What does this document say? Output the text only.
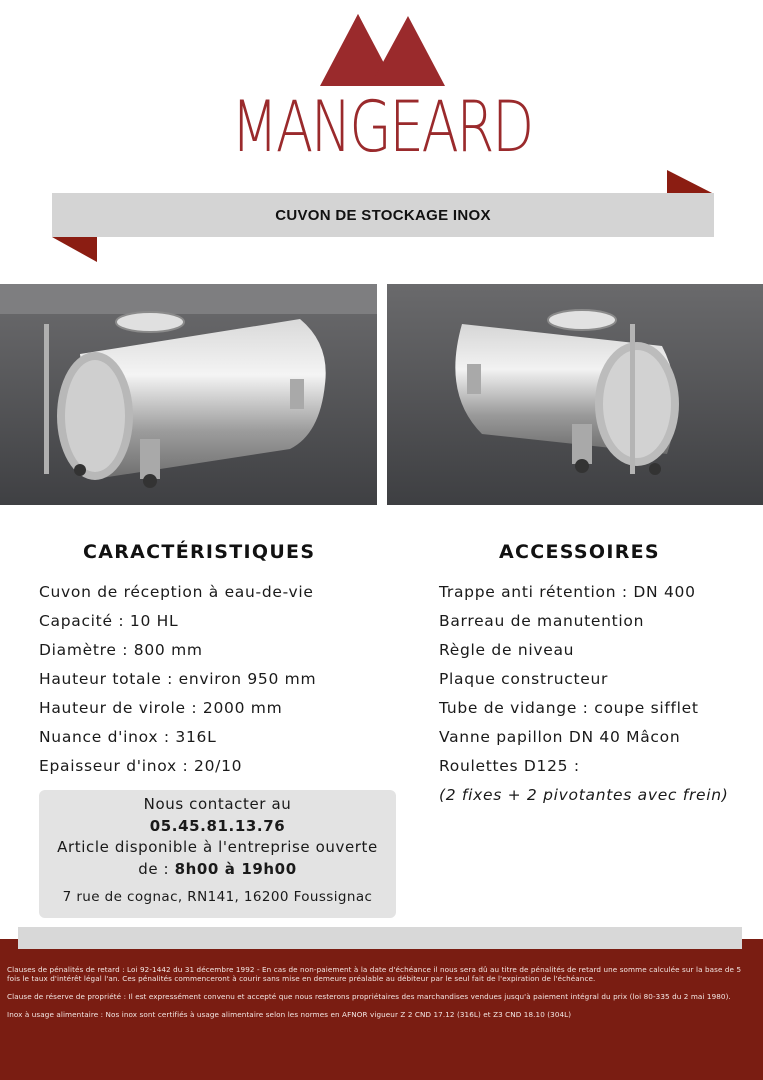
MANGEARD
CUVON DE STOCKAGE INOX
CARACTÉRISTIQUES
Cuvon de réception à eau-de-vie
Capacité : 10 HL
Diamètre : 800 mm
Hauteur totale : environ 950 mm
Hauteur de virole : 2000 mm
Nuance d'inox : 316L
Epaisseur d'inox : 20/10
ACCESSOIRES
Trappe anti rétention : DN 400
Barreau de manutention
Règle de niveau
Plaque constructeur
Tube de vidange : coupe sifflet
Vanne papillon DN 40 Mâcon
Roulettes D125 :
(2 fixes + 2 pivotantes avec frein)
Nous contacter au
05.45.81.13.76
Article disponible à l'entreprise ouverte
de : 8h00 à 19h00
7 rue de cognac, RN141, 16200 Foussignac

Clauses de pénalités de retard : Loi 92-1442 du 31 décembre 1992 - En cas de non-paiement à la date d'échéance il nous sera dû au titre de pénalités de retard une somme calculée sur la base de 5 fois le taux d'intérêt légal l'an. Ces pénalités commenceront à courir sans mise en demeure préalable au débiteur par le seul fait de l'expiration de l'échéance.

Clause de réserve de propriété : Il est expressément convenu et accepté que nous resterons propriétaires des marchandises vendues jusqu'à paiement intégral du prix (loi 80-335 du 2 mai 1980).

Inox à usage alimentaire : Nos inox sont certifiés à usage alimentaire selon les normes en AFNOR vigueur Z 2 CND 17.12 (316L) et Z3 CND 18.10 (304L)
